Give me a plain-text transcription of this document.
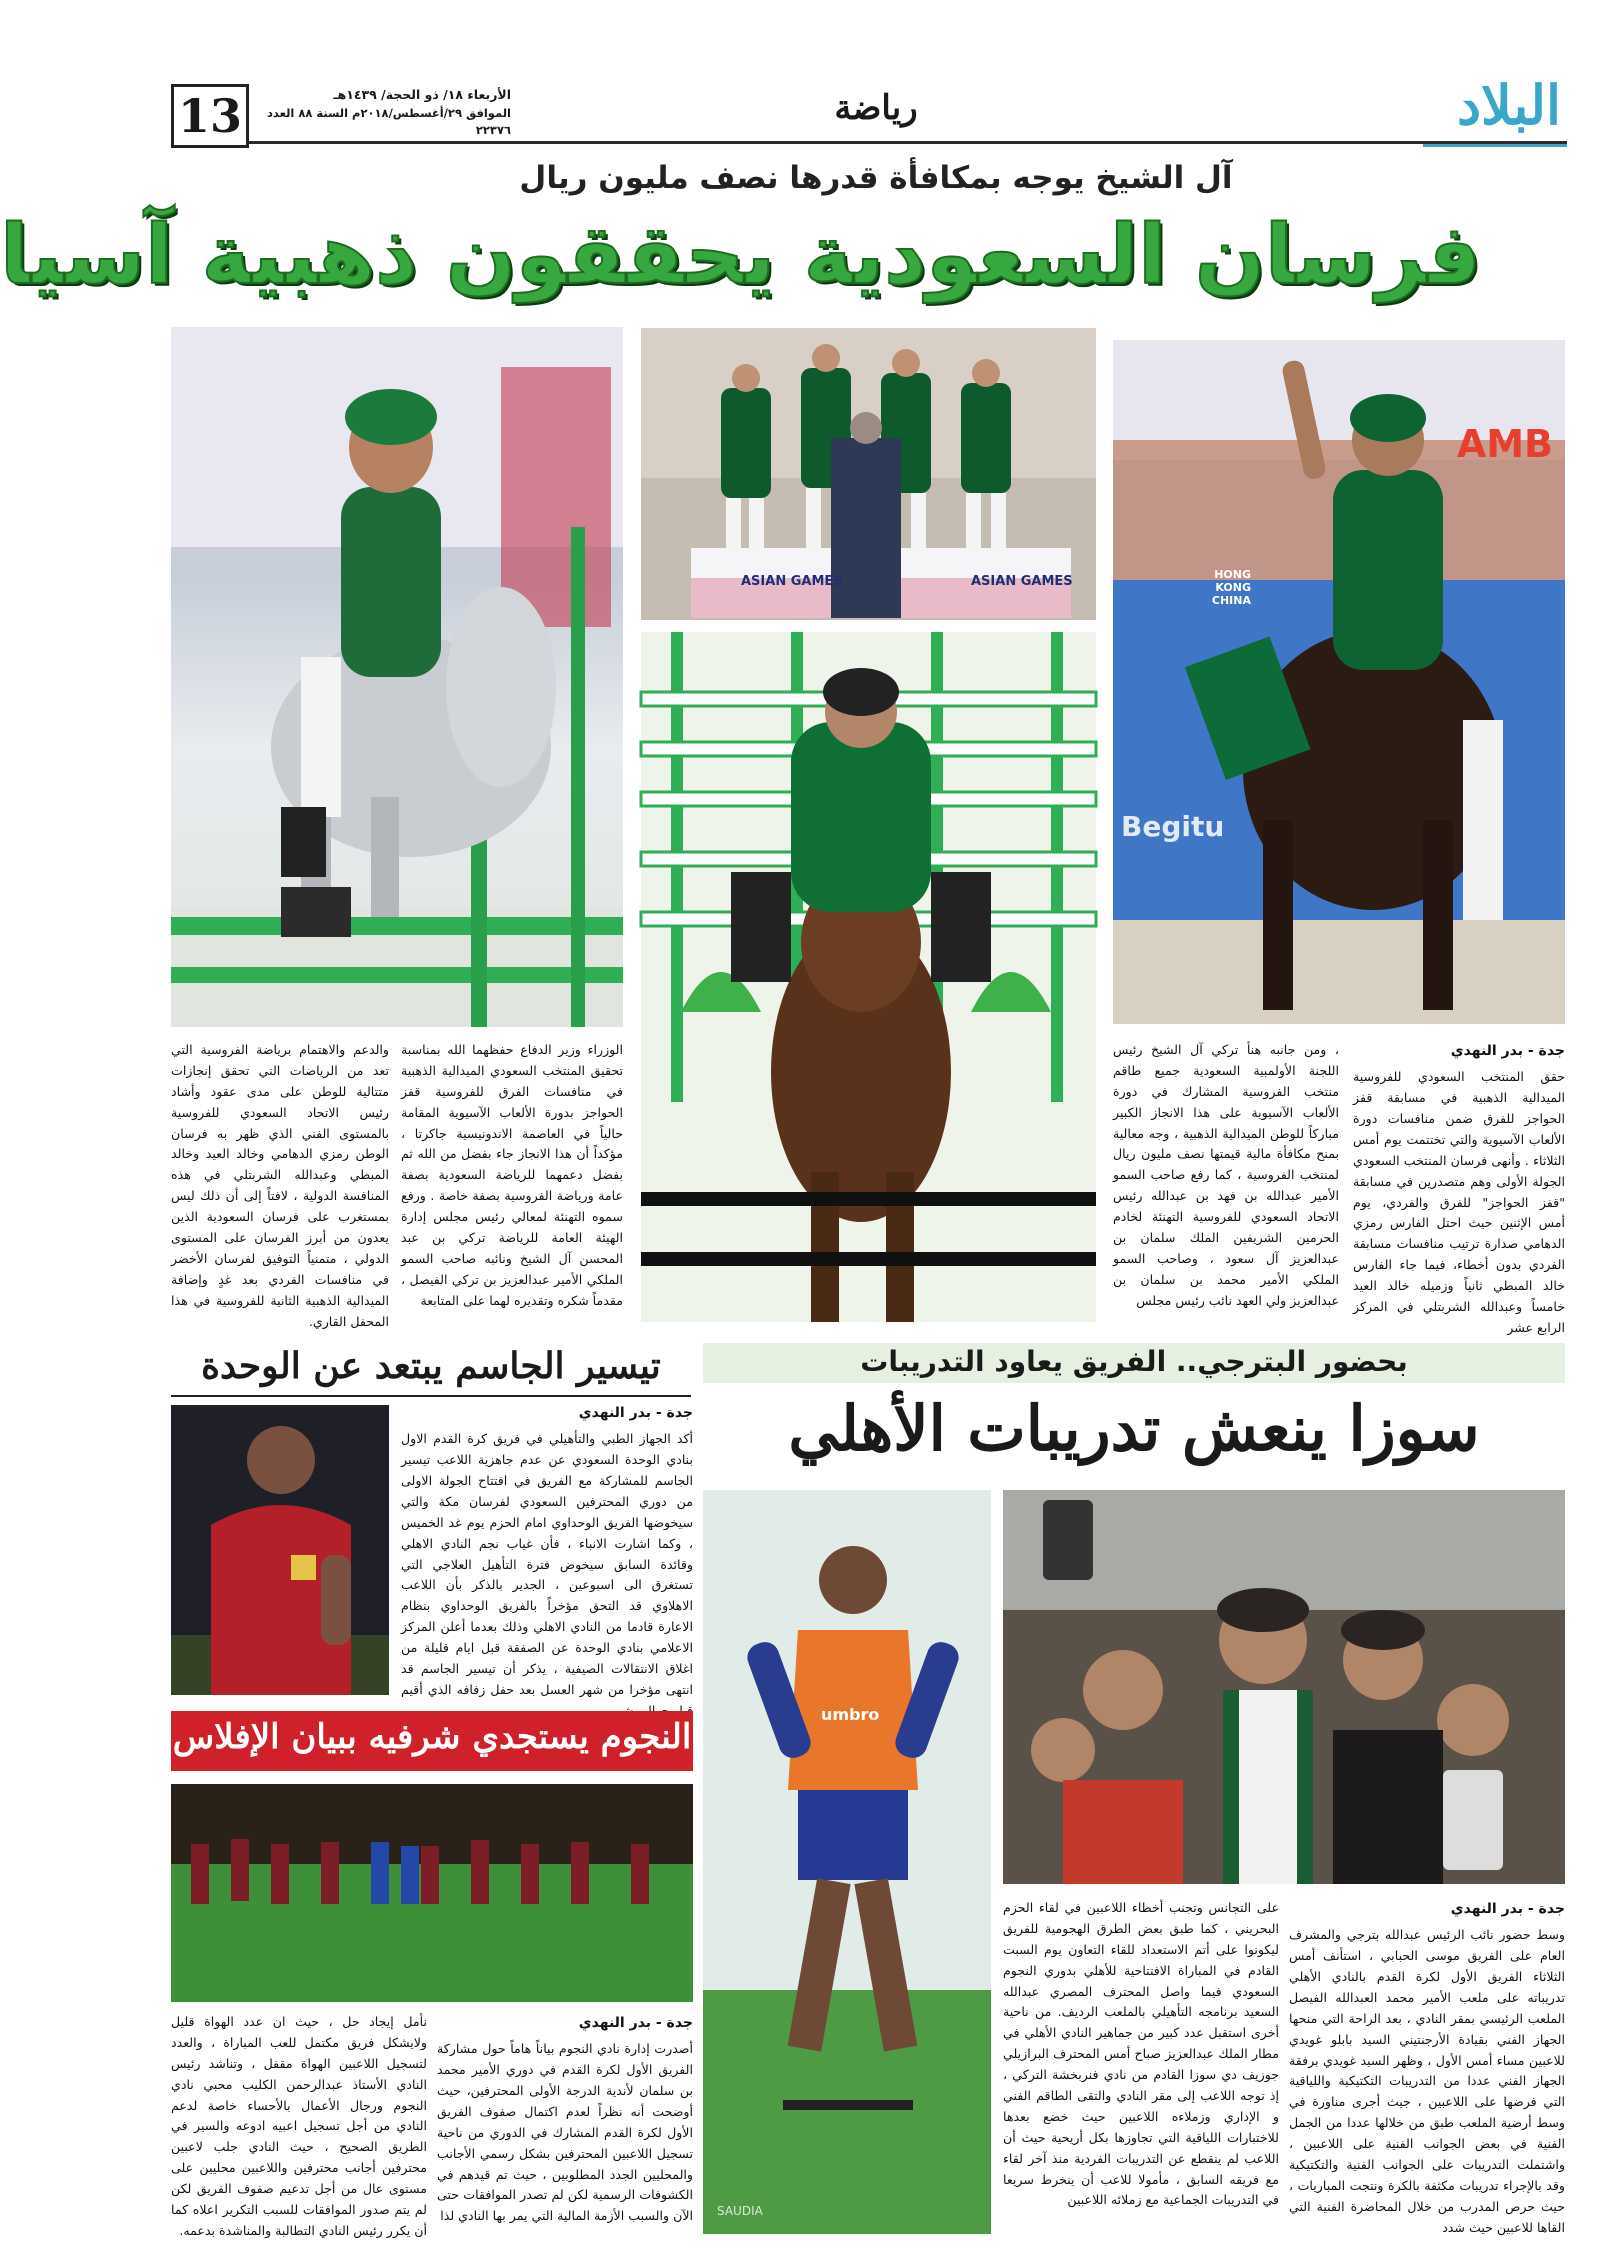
البلاد
رياضة
الأربعاء ١٨/ ذو الحجة/ ١٤٣٩هـ
الموافق ٢٩/أغسطس/٢٠١٨م السنة ٨٨ العدد ٢٢٣٧٦
13
آل الشيخ يوجه بمكافأة قدرها نصف مليون ريال
فرسان السعودية يحققون ذهبية آسيا
ASIAN GAMES	ASIAN GAMES
AMB
HONG KONG CHINA
Begitu
جدة - بدر النهدي
حقق المنتخب السعودي للفروسية الميدالية الذهبية في مسابقة قفز الحواجز للفرق ضمن منافسات دورة الألعاب الآسيوية والتي تختتمت يوم أمس الثلاثاء . وأنهى فرسان المنتخب السعودي الجولة الأولى وهم متصدرين في مسابقة "قفز الحواجز" للفرق والفردي، يوم أمس الإثنين حيث احتل الفارس رمزي الدهامي صدارة ترتيب منافسات مسابقة الفردي بدون أخطاء، فيما جاء الفارس خالد المبطي ثانياً وزميله خالد العيد خامساً وعبدالله الشربتلي في المركز الرابع عشر
، ومن جانبه هنأ تركي آل الشيخ رئيس اللجنة الأولمبية السعودية جميع طاقم منتخب الفروسية المشارك في دورة الألعاب الآسيوية على هذا الانجاز الكبير مباركاً للوطن الميدالية الذهبية ، وجه معالية بمنح مكافأة مالية قيمتها نصف مليون ريال لمنتخب الفروسية ، كما رفع صاحب السمو الأمير عبدالله بن فهد بن عبدالله رئيس الاتحاد السعودي للفروسية التهنئة لخادم الحرمين الشريفين الملك سلمان بن عبدالعزيز آل سعود ، وصاحب السمو الملكي الأمير محمد بن سلمان بن عبدالعزيز ولي العهد نائب رئيس مجلس
الوزراء وزير الدفاع حفظهما الله بمناسبة تحقيق المنتخب السعودي الميدالية الذهبية في منافسات الفرق للفروسية قفز الحواجز بدورة الألعاب الآسيوية المقامة حالياً في العاصمة الاندونيسية جاكرتا ، مؤكداً أن هذا الانجاز جاء بفضل من الله ثم بفضل دعمهما للرياضة السعودية بصفة عامة ورياضة الفروسية بصفة خاصة . ورفع سموه التهنئة لمعالي رئيس مجلس إدارة الهيئة العامة للرياضة تركي بن عبد المحسن آل الشيخ ونائبه صاحب السمو الملكي الأمير عبدالعزيز بن تركي الفيصل ، مقدماً شكره وتقديره لهما على المتابعة
والدعم والاهتمام برياضة الفروسية التي تعد من الرياضات التي تحقق إنجازات متتالية للوطن على مدى عقود وأشاد رئيس الاتحاد السعودي للفروسية بالمستوى الفني الذي ظهر به فرسان الوطن رمزي الدهامي وخالد العيد وخالد المبطي وعبدالله الشربتلي في هذه المنافسة الدولية ، لافتاً إلى أن ذلك ليس بمستغرب على فرسان السعودية الذين يعدون من أبرز الفرسان على المستوى الدولي ، متمنياً التوفيق لفرسان الأخضر في منافسات الفردي بعد غدٍ وإضافة الميدالية الذهبية الثانية للفروسية في هذا المحفل القاري.
بحضور البترجي.. الفريق يعاود التدريبات
سوزا ينعش تدريبات الأهلي
تيسير الجاسم يبتعد عن الوحدة
جدة - بدر النهدي
أكد الجهاز الطبي والتأهيلي في فريق كرة القدم الاول بنادي الوحدة السعودي عن عدم جاهزية اللاعب تيسير الجاسم للمشاركة مع الفريق في افتتاح الجولة الاولى من دوري المحترفين السعودي لفرسان مكة والتي سيخوضها الفريق الوحداوي امام الحزم يوم غد الخميس ، وكما اشارت الانباء ، فأن غياب نجم النادي الاهلي وقائدة السابق سيخوض فترة التأهيل العلاجي التي تستغرق الى اسبوعين ، الجدير بالذكر بأن اللاعب الاهلاوي قد التحق مؤخراً بالفريق الوحداوي بنظام الاعارة قادما من النادي الاهلي وذلك بعدما أعلن المركز الاعلامي بنادي الوحدة عن الصفقة قبل ايام قليلة من اغلاق الانتقالات الصيفية ، يذكر أن تيسير الجاسم قد انتهى مؤخرا من شهر العسل بعد حفل زفافه الذي أقيم
النجوم يستجدي شرفيه ببيان الإفلاس
جدة - بدر النهدي
أصدرت إدارة نادي النجوم بياناً هاماً حول مشاركة الفريق الأول لكرة القدم في دوري الأمير محمد بن سلمان لأندية الدرجة الأولى المحترفين، حيث أوضحت أنه نظراً لعدم اكتمال صفوف الفريق الأول لكرة القدم المشارك في الدوري من ناحية تسجيل اللاعبين المحترفين بشكل رسمي الأجانب والمحليين الجدد المطلوبين ، حيث تم قيدهم في الكشوفات الرسمية لكن لم تصدر الموافقات حتى الآن والسبب الأزمة المالية التي يمر بها النادي لذا
نأمل إيجاد حل ، حيث ان عدد الهواة قليل ولايشكل فريق مكتمل للعب المباراة ، والعدد لتسجيل اللاعبين الهواة مقفل ، وتناشد رئيس النادي الأستاذ عبدالرحمن الكليب محبي نادي النجوم ورجال الأعمال بالأحساء خاصة لدعم النادي من أجل تسجيل اعبيه ادوعه والسير في الطريق الصحيح ، حيث النادي جلب لاعبين محترفين أجانب محترفين واللاعبين محليين على مستوى عال من أجل تدعيم صفوف الفريق لكن لم يتم صدور الموافقات للسبب التكرير اعلاه كما أن يكرر رئيس النادي التطالبة والمناشدة بدعمه.
umbro
SAUDIA
جدة - بدر النهدي
وسط حضور نائب الرئيس عبدالله بترجي والمشرف العام على الفريق موسى الحبابي ، استأنف أمس الثلاثاء الفريق الأول لكرة القدم بالنادي الأهلي تدريباته على ملعب الأمير محمد العبدالله الفيصل الملعب الرئيسي بمقر النادي ، بعد الراحة التي منحها الجهاز الفني بقيادة الأرجنتيني السيد بابلو غويدي للاعبين مساء أمس الأول ، وظهر السيد غويدي برفقة الجهاز الفني عددا من التدريبات التكتيكية واللياقية التي فرضها على اللاعبين ، جيث أجرى مناورة في وسط أرضية الملعب طبق من خلالها عددا من الجمل الفنية في بعض الجوانب الفنية على اللاعبين ، واشتملت التدريبات على الجوانب الفنية والتكتيكية وقد بالإجراء تدريبات مكثفة بالكرة ونتجت المباريات ، حيث حرص المدرب من خلال المحاضرة الفنية التي القاها للاعبين حيث شدد
على التجانس وتجنب أخطاء اللاعبين في لقاء الحزم البحريني ، كما طبق بعض الطرق الهجومية للفريق ليكونوا على أتم الاستعداد للقاء التعاون يوم السبت القادم في المباراة الافتتاحية للأهلي بدوري النجوم السعودي فيما واصل المحترف المصري عبدالله السعيد برنامجه التأهيلي بالملعب الرديف. من ناحية أخرى استقبل عدد كبير من جماهير النادي الأهلي في مطار الملك عبدالعزيز صباح أمس المحترف البرازيلي جوزيف دي سوزا القادم من نادي فنربخشة التركي ، إذ توجه اللاعب إلى مقر النادي والتقى الطاقم الفني و الإداري وزملاءه اللاعبين حيث خضع بعدها للاختبارات اللياقية التي تجاوزها بكل أريحية حيث أن اللاعب لم ينقطع عن التدريبات الفردية منذ آخر لقاء مع فريقه السابق ، مأمولا للاعب أن ينخرط سريعا في التدريبات الجماعية مع زملائه اللاعبين
